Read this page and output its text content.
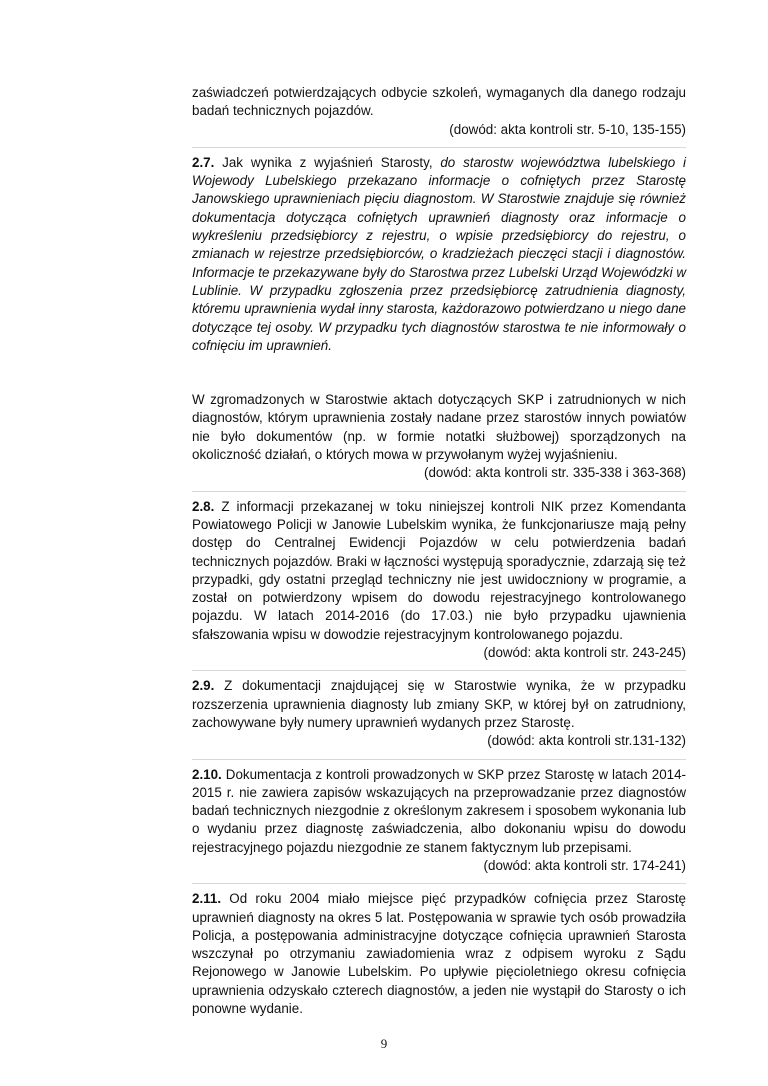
zaświadczeń potwierdzających odbycie szkoleń, wymaganych dla danego rodzaju badań technicznych pojazdów.

(dowód: akta kontroli str. 5-10, 135-155)

2.7. Jak wynika z wyjaśnień Starosty, do starostw województwa lubelskiego i Wojewody Lubelskiego przekazano informacje o cofniętych przez Starostę Janowskiego uprawnieniach pięciu diagnostom. W Starostwie znajduje się również dokumentacja dotycząca cofniętych uprawnień diagnosty oraz informacje o wykreśleniu przedsiębiorcy z rejestru, o wpisie przedsiębiorcy do rejestru, o zmianach w rejestrze przedsiębiorców, o kradzieżach pieczęci stacji i diagnostów. Informacje te przekazywane były do Starostwa przez Lubelski Urząd Wojewódzki w Lublinie. W przypadku zgłoszenia przez przedsiębiorcę zatrudnienia diagnosty, któremu uprawnienia wydał inny starosta, każdorazowo potwierdzano u niego dane dotyczące tej osoby. W przypadku tych diagnostów starostwa te nie informowały o cofnięciu im uprawnień.

W zgromadzonych w Starostwie aktach dotyczących SKP i zatrudnionych w nich diagnostów, którym uprawnienia zostały nadane przez starostów innych powiatów nie było dokumentów (np. w formie notatki służbowej) sporządzonych na okoliczność działań, o których mowa w przywołanym wyżej wyjaśnieniu.

(dowód: akta kontroli str. 335-338 i 363-368)

2.8. Z informacji przekazanej w toku niniejszej kontroli NIK przez Komendanta Powiatowego Policji w Janowie Lubelskim wynika, że funkcjonariusze mają pełny dostęp do Centralnej Ewidencji Pojazdów w celu potwierdzenia badań technicznych pojazdów. Braki w łączności występują sporadycznie, zdarzają się też przypadki, gdy ostatni przegląd techniczny nie jest uwidoczniony w programie, a został on potwierdzony wpisem do dowodu rejestracyjnego kontrolowanego pojazdu. W latach 2014-2016 (do 17.03.) nie było przypadku ujawnienia sfałszowania wpisu w dowodzie rejestracyjnym kontrolowanego pojazdu.

(dowód: akta kontroli str. 243-245)

2.9. Z dokumentacji znajdującej się w Starostwie wynika, że w przypadku rozszerzenia uprawnienia diagnosty lub zmiany SKP, w której był on zatrudniony, zachowywane były numery uprawnień wydanych przez Starostę.

(dowód: akta kontroli str.131-132)

2.10. Dokumentacja z kontroli prowadzonych w SKP przez Starostę w latach 2014-2015 r. nie zawiera zapisów wskazujących na przeprowadzanie przez diagnostów badań technicznych niezgodnie z określonym zakresem i sposobem wykonania lub o wydaniu przez diagnostę zaświadczenia, albo dokonaniu wpisu do dowodu rejestracyjnego pojazdu niezgodnie ze stanem faktycznym lub przepisami.

(dowód: akta kontroli str. 174-241)

2.11. Od roku 2004 miało miejsce pięć przypadków cofnięcia przez Starostę uprawnień diagnosty na okres 5 lat. Postępowania w sprawie tych osób prowadziła Policja, a postępowania administracyjne dotyczące cofnięcia uprawnień Starosta wszczynał po otrzymaniu zawiadomienia wraz z odpisem wyroku z Sądu Rejonowego w Janowie Lubelskim. Po upływie pięcioletniego okresu cofnięcia uprawnienia odzyskało czterech diagnostów, a jeden nie wystąpił do Starosty o ich ponowne wydanie.

9
